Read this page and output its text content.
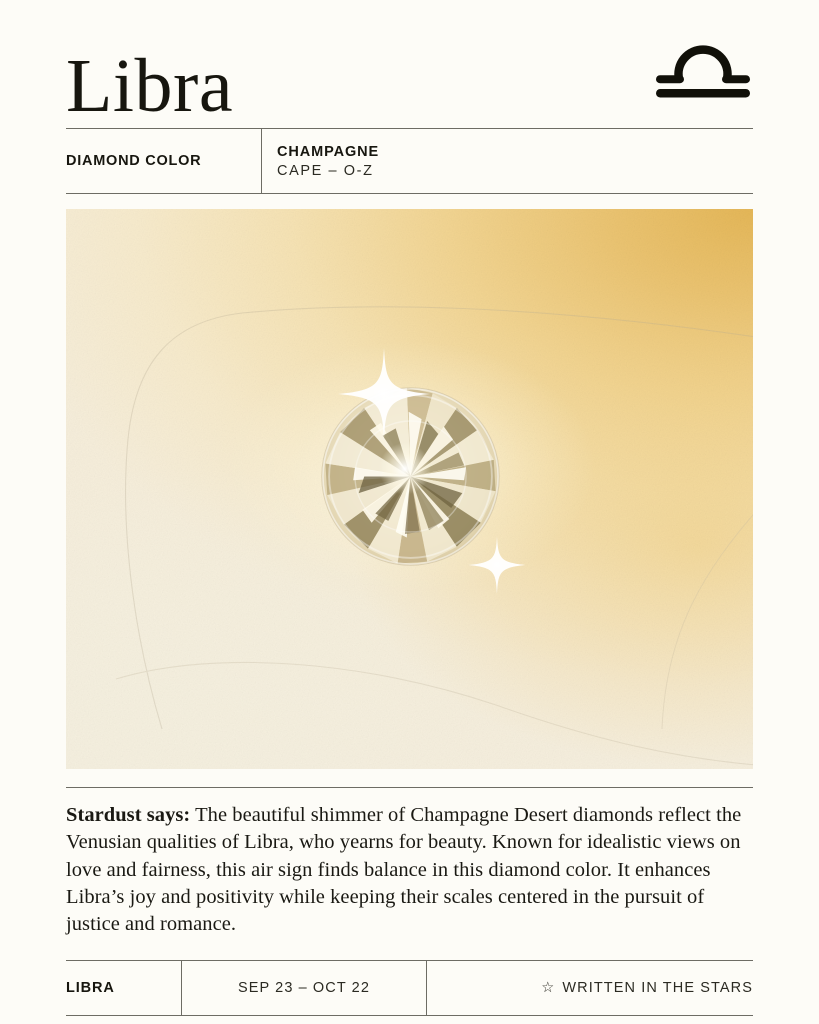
Libra
DIAMOND COLOR
CHAMPAGNE
CAPE – O-Z

Stardust says: The beautiful shimmer of Champagne Desert diamonds reflect the Venusian qualities of Libra, who yearns for beauty. Known for idealistic views on love and fairness, this air sign finds balance in this diamond color. It enhances Libra’s joy and positivity while keeping their scales centered in the pursuit of justice and romance.

LIBRA	SEP 23 – OCT 22	☆ WRITTEN IN THE STARS
